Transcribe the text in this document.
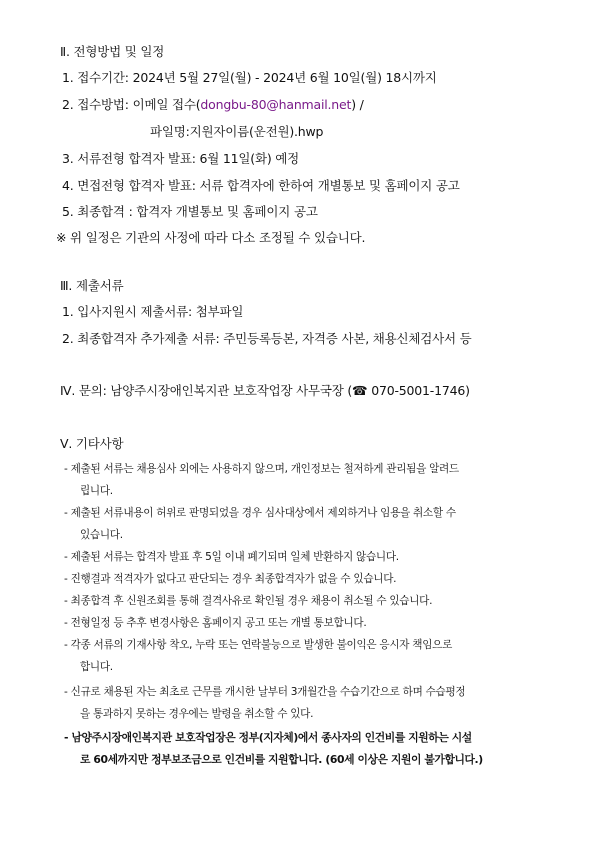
Ⅱ. 전형방법 및 일정
1. 접수기간: 2024년 5월 27일(월) - 2024년 6월 10일(월) 18시까지
2. 접수방법: 이메일 접수(dongbu-80@hanmail.net) /
파일명:지원자이름(운전원).hwp
3. 서류전형 합격자 발표: 6월 11일(화) 예정
4. 면접전형 합격자 발표: 서류 합격자에 한하여 개별통보 및 홈페이지 공고
5. 최종합격 : 합격자 개별통보 및 홈페이지 공고
※ 위 일정은 기관의 사정에 따라 다소 조정될 수 있습니다.
Ⅲ. 제출서류
1. 입사지원시 제출서류: 첨부파일
2. 최종합격자 추가제출 서류: 주민등록등본, 자격증 사본, 채용신체검사서 등
Ⅳ. 문의: 남양주시장애인복지관 보호작업장 사무국장 (☎ 070-5001-1746)
Ⅴ. 기타사항
- 제출된 서류는 채용심사 외에는 사용하지 않으며, 개인정보는 철저하게 관리됨을 알려드
립니다.
- 제출된 서류내용이 허위로 판명되었을 경우 심사대상에서 제외하거나 임용을 취소할 수
있습니다.
- 제출된 서류는 합격자 발표 후 5일 이내 폐기되며 일체 반환하지 않습니다.
- 진행결과 적격자가 없다고 판단되는 경우 최종합격자가 없을 수 있습니다.
- 최종합격 후 신원조회를 통해 결격사유로 확인될 경우 채용이 취소될 수 있습니다.
- 전형일정 등 추후 변경사항은 홈페이지 공고 또는 개별 통보합니다.
- 각종 서류의 기재사항 착오, 누락 또는 연락불능으로 발생한 불이익은 응시자 책임으로
합니다.
- 신규로 채용된 자는 최초로 근무를 개시한 날부터 3개월간을 수습기간으로 하며 수습평정
을 통과하지 못하는 경우에는 발령을 취소할 수 있다.
- 남양주시장애인복지관 보호작업장은 정부(지자체)에서 종사자의 인건비를 지원하는 시설
로 60세까지만 정부보조금으로 인건비를 지원합니다. (60세 이상은 지원이 불가합니다.)
